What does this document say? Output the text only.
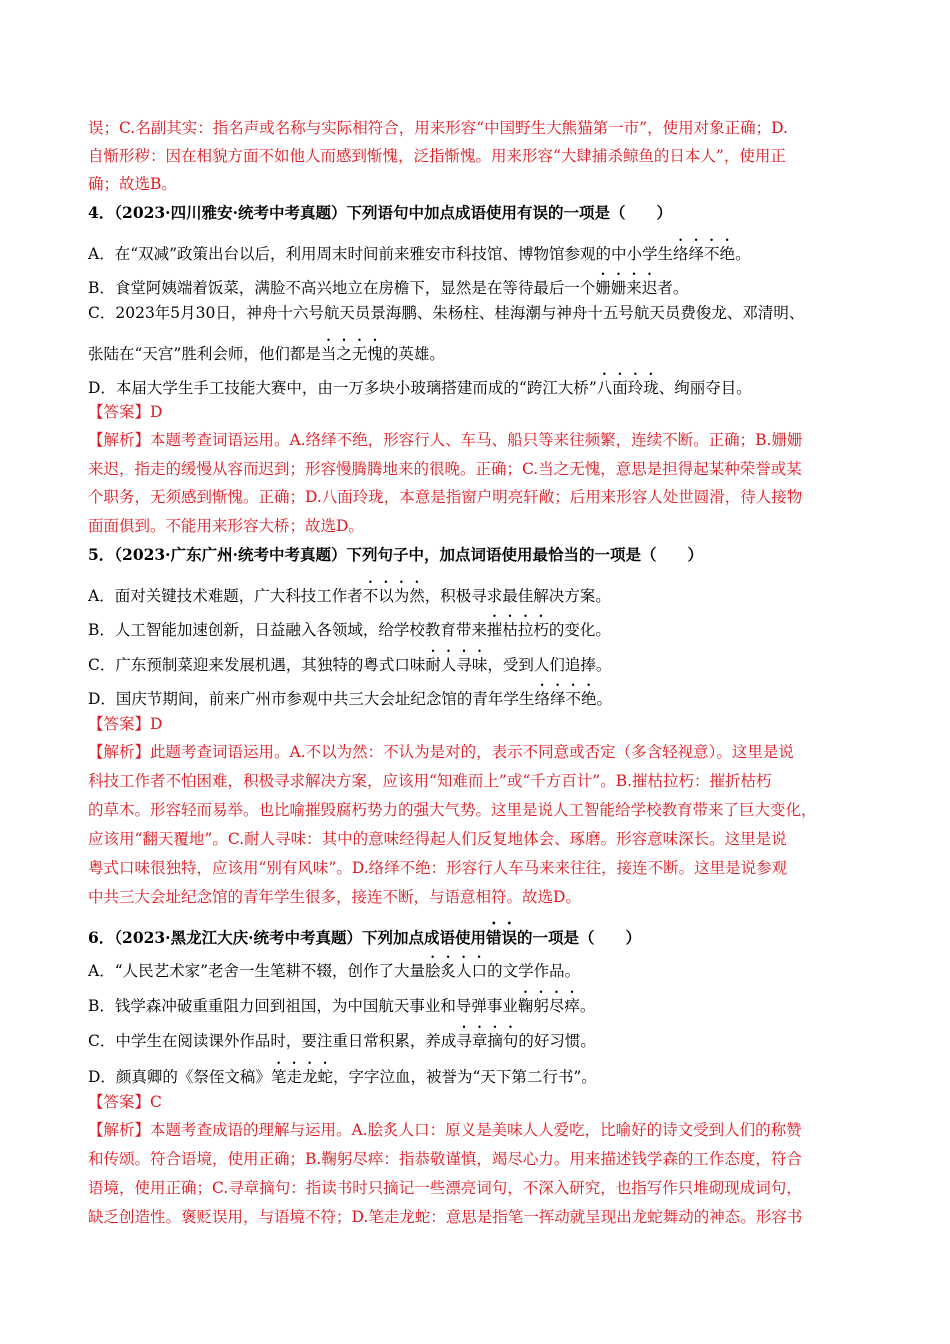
误；C.名副其实：指名声或名称与实际相符合，用来形容“中国野生大熊猫第一市”，使用对象正确；D.
自惭形秽：因在相貌方面不如他人而感到惭愧，泛指惭愧。用来形容“大肆捕杀鲸鱼的日本人”，使用正
确；故选B。
4．（2023·四川雅安·统考中考真题）下列语句中加点成语使用有误的一项是（　　）
A．在“双减”政策出台以后，利用周末时间前来雅安市科技馆、博物馆参观的中小学生络绎不绝。
B．食堂阿姨端着饭菜，满脸不高兴地立在房檐下，显然是在等待最后一个姗姗来迟者。
C．2023年5月30日，神舟十六号航天员景海鹏、朱杨柱、桂海潮与神舟十五号航天员费俊龙、邓清明、
张陆在“天宫”胜利会师，他们都是当之无愧的英雄。
D．本届大学生手工技能大赛中，由一万多块小玻璃搭建而成的“跨江大桥”八面玲珑、绚丽夺目。
【答案】D
【解析】本题考查词语运用。A.络绎不绝，形容行人、车马、船只等来往频繁，连续不断。正确；B.姗姗
来迟，指走的缓慢从容而迟到；形容慢腾腾地来的很晚。正确；C.当之无愧，意思是担得起某种荣誉或某
个职务，无须感到惭愧。正确；D.八面玲珑，本意是指窗户明亮轩敞；后用来形容人处世圆滑，待人接物
面面俱到。不能用来形容大桥；故选D。
5．（2023·广东广州·统考中考真题）下列句子中，加点词语使用最恰当的一项是（　　）
A．面对关键技术难题，广大科技工作者不以为然，积极寻求最佳解决方案。
B．人工智能加速创新，日益融入各领域，给学校教育带来摧枯拉朽的变化。
C．广东预制菜迎来发展机遇，其独特的粤式口味耐人寻味，受到人们追捧。
D．国庆节期间，前来广州市参观中共三大会址纪念馆的青年学生络绎不绝。
【答案】D
【解析】此题考查词语运用。A.不以为然：不认为是对的，表示不同意或否定（多含轻视意）。这里是说
科技工作者不怕困难，积极寻求解决方案，应该用“知难而上”或“千方百计”。B.摧枯拉朽：摧折枯朽
的草木。形容轻而易举。也比喻摧毁腐朽势力的强大气势。这里是说人工智能给学校教育带来了巨大变化，
应该用“翻天覆地”。C.耐人寻味：其中的意味经得起人们反复地体会、琢磨。形容意味深长。这里是说
粤式口味很独特，应该用“别有风味”。D.络绎不绝：形容行人车马来来往往，接连不断。这里是说参观
中共三大会址纪念馆的青年学生很多，接连不断，与语意相符。故选D。
6．（2023·黑龙江大庆·统考中考真题）下列加点成语使用错误的一项是（　　）
A．“人民艺术家”老舍一生笔耕不辍，创作了大量脍炙人口的文学作品。
B．钱学森冲破重重阻力回到祖国，为中国航天事业和导弹事业鞠躬尽瘁。
C．中学生在阅读课外作品时，要注重日常积累，养成寻章摘句的好习惯。
D．颜真卿的《祭侄文稿》笔走龙蛇，字字泣血，被誉为“天下第二行书”。
【答案】C
【解析】本题考查成语的理解与运用。A.脍炙人口：原义是美味人人爱吃，比喻好的诗文受到人们的称赞
和传颂。符合语境，使用正确；B.鞠躬尽瘁：指恭敬谨慎，竭尽心力。用来描述钱学森的工作态度，符合
语境，使用正确；C.寻章摘句：指读书时只摘记一些漂亮词句，不深入研究，也指写作只堆砌现成词句，
缺乏创造性。褒贬误用，与语境不符；D.笔走龙蛇：意思是指笔一挥动就呈现出龙蛇舞动的神态。形容书
